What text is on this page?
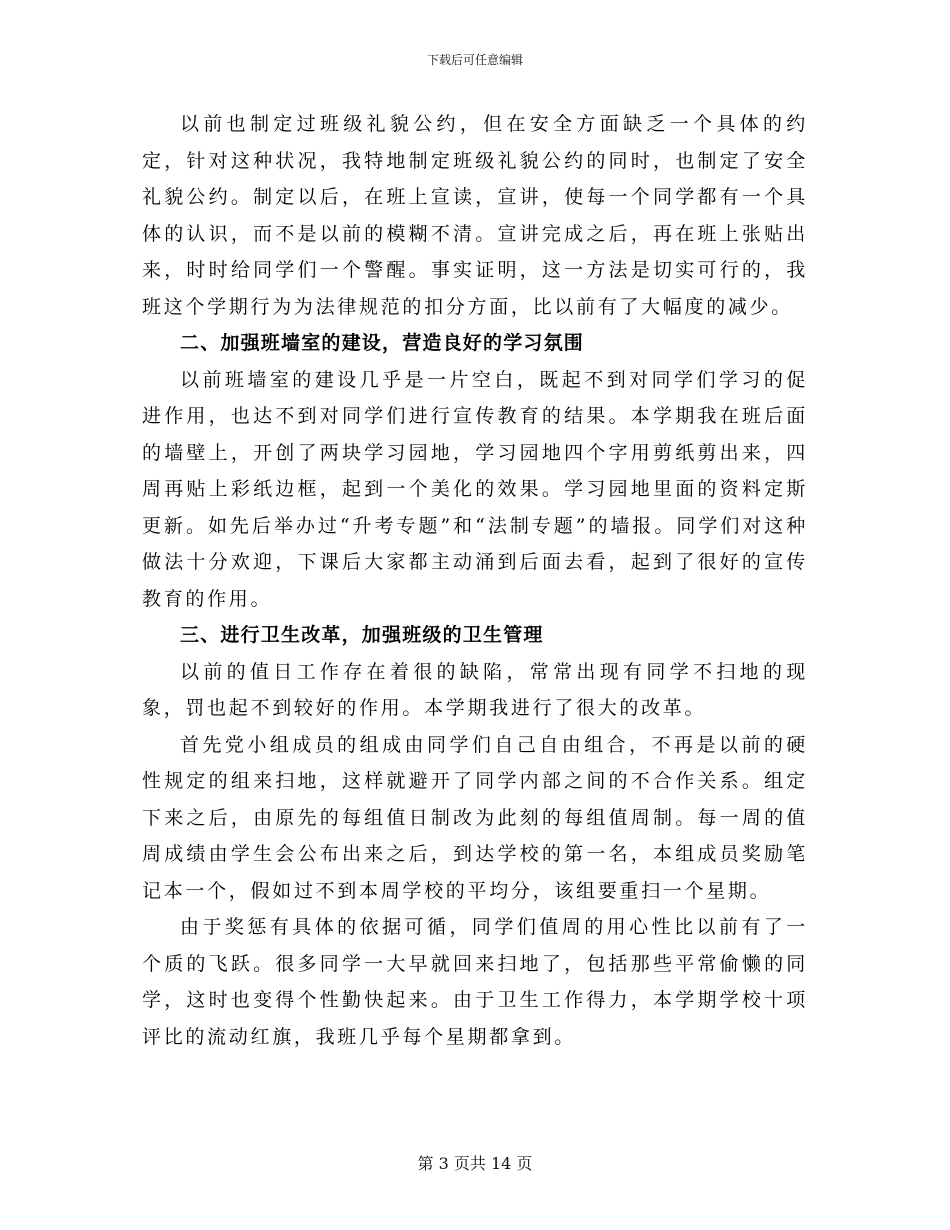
下载后可任意编辑

以前也制定过班级礼貌公约，但在安全方面缺乏一个具体的约定，针对这种状况，我特地制定班级礼貌公约的同时，也制定了安全礼貌公约。制定以后，在班上宣读，宣讲，使每一个同学都有一个具体的认识，而不是以前的模糊不清。宣讲完成之后，再在班上张贴出来，时时给同学们一个警醒。事实证明，这一方法是切实可行的，我班这个学期行为为法律规范的扣分方面，比以前有了大幅度的减少。

二、加强班墙室的建设，营造良好的学习氛围

以前班墙室的建设几乎是一片空白，既起不到对同学们学习的促进作用，也达不到对同学们进行宣传教育的结果。本学期我在班后面的墙壁上，开创了两块学习园地，学习园地四个字用剪纸剪出来，四周再贴上彩纸边框，起到一个美化的效果。学习园地里面的资料定斯更新。如先后举办过“升考专题”和“法制专题”的墙报。同学们对这种做法十分欢迎，下课后大家都主动涌到后面去看，起到了很好的宣传教育的作用。

三、进行卫生改革，加强班级的卫生管理

以前的值日工作存在着很的缺陷，常常出现有同学不扫地的现象，罚也起不到较好的作用。本学期我进行了很大的改革。

首先党小组成员的组成由同学们自己自由组合，不再是以前的硬性规定的组来扫地，这样就避开了同学内部之间的不合作关系。组定下来之后，由原先的每组值日制改为此刻的每组值周制。每一周的值周成绩由学生会公布出来之后，到达学校的第一名，本组成员奖励笔记本一个，假如过不到本周学校的平均分，该组要重扫一个星期。

由于奖惩有具体的依据可循，同学们值周的用心性比以前有了一个质的飞跃。很多同学一大早就回来扫地了，包括那些平常偷懒的同学，这时也变得个性勤快起来。由于卫生工作得力，本学期学校十项评比的流动红旗，我班几乎每个星期都拿到。

第 3 页共 14 页
